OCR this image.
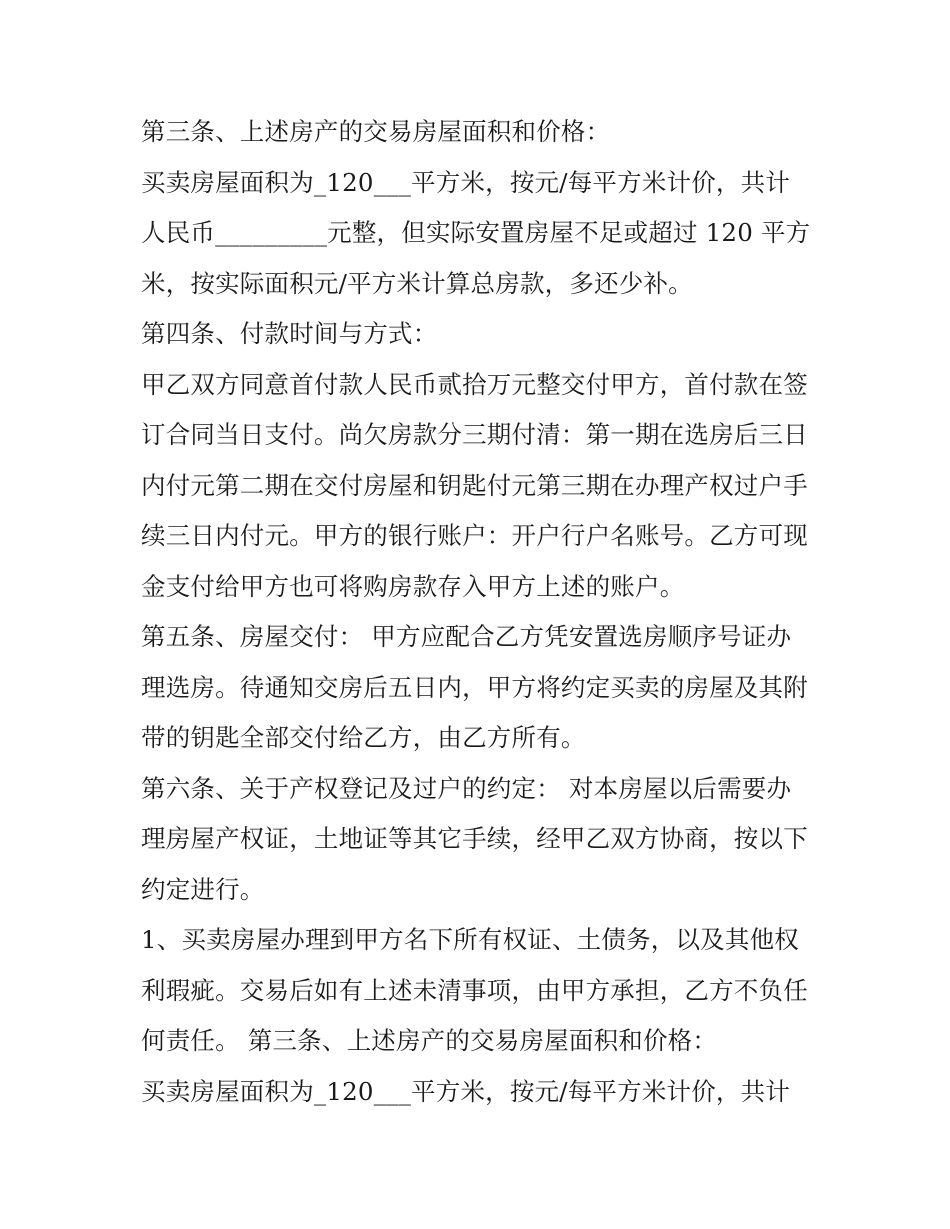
第三条、上述房产的交易房屋面积和价格：

买卖房屋面积为_120___平方米，按元/每平方米计价，共计

人民币_________元整，但实际安置房屋不足或超过 120 平方

米，按实际面积元/平方米计算总房款，多还少补。

第四条、付款时间与方式：

甲乙双方同意首付款人民币贰拾万元整交付甲方，首付款在签

订合同当日支付。尚欠房款分三期付清：第一期在选房后三日

内付元第二期在交付房屋和钥匙付元第三期在办理产权过户手

续三日内付元。甲方的银行账户：开户行户名账号。乙方可现

金支付给甲方也可将购房款存入甲方上述的账户。

第五条、房屋交付： 甲方应配合乙方凭安置选房顺序号证办

理选房。待通知交房后五日内，甲方将约定买卖的房屋及其附

带的钥匙全部交付给乙方，由乙方所有。

第六条、关于产权登记及过户的约定： 对本房屋以后需要办

理房屋产权证，土地证等其它手续，经甲乙双方协商，按以下

约定进行。

1、买卖房屋办理到甲方名下所有权证、土债务，以及其他权

利瑕疵。交易后如有上述未清事项，由甲方承担，乙方不负任

何责任。 第三条、上述房产的交易房屋面积和价格：

买卖房屋面积为_120___平方米，按元/每平方米计价，共计
